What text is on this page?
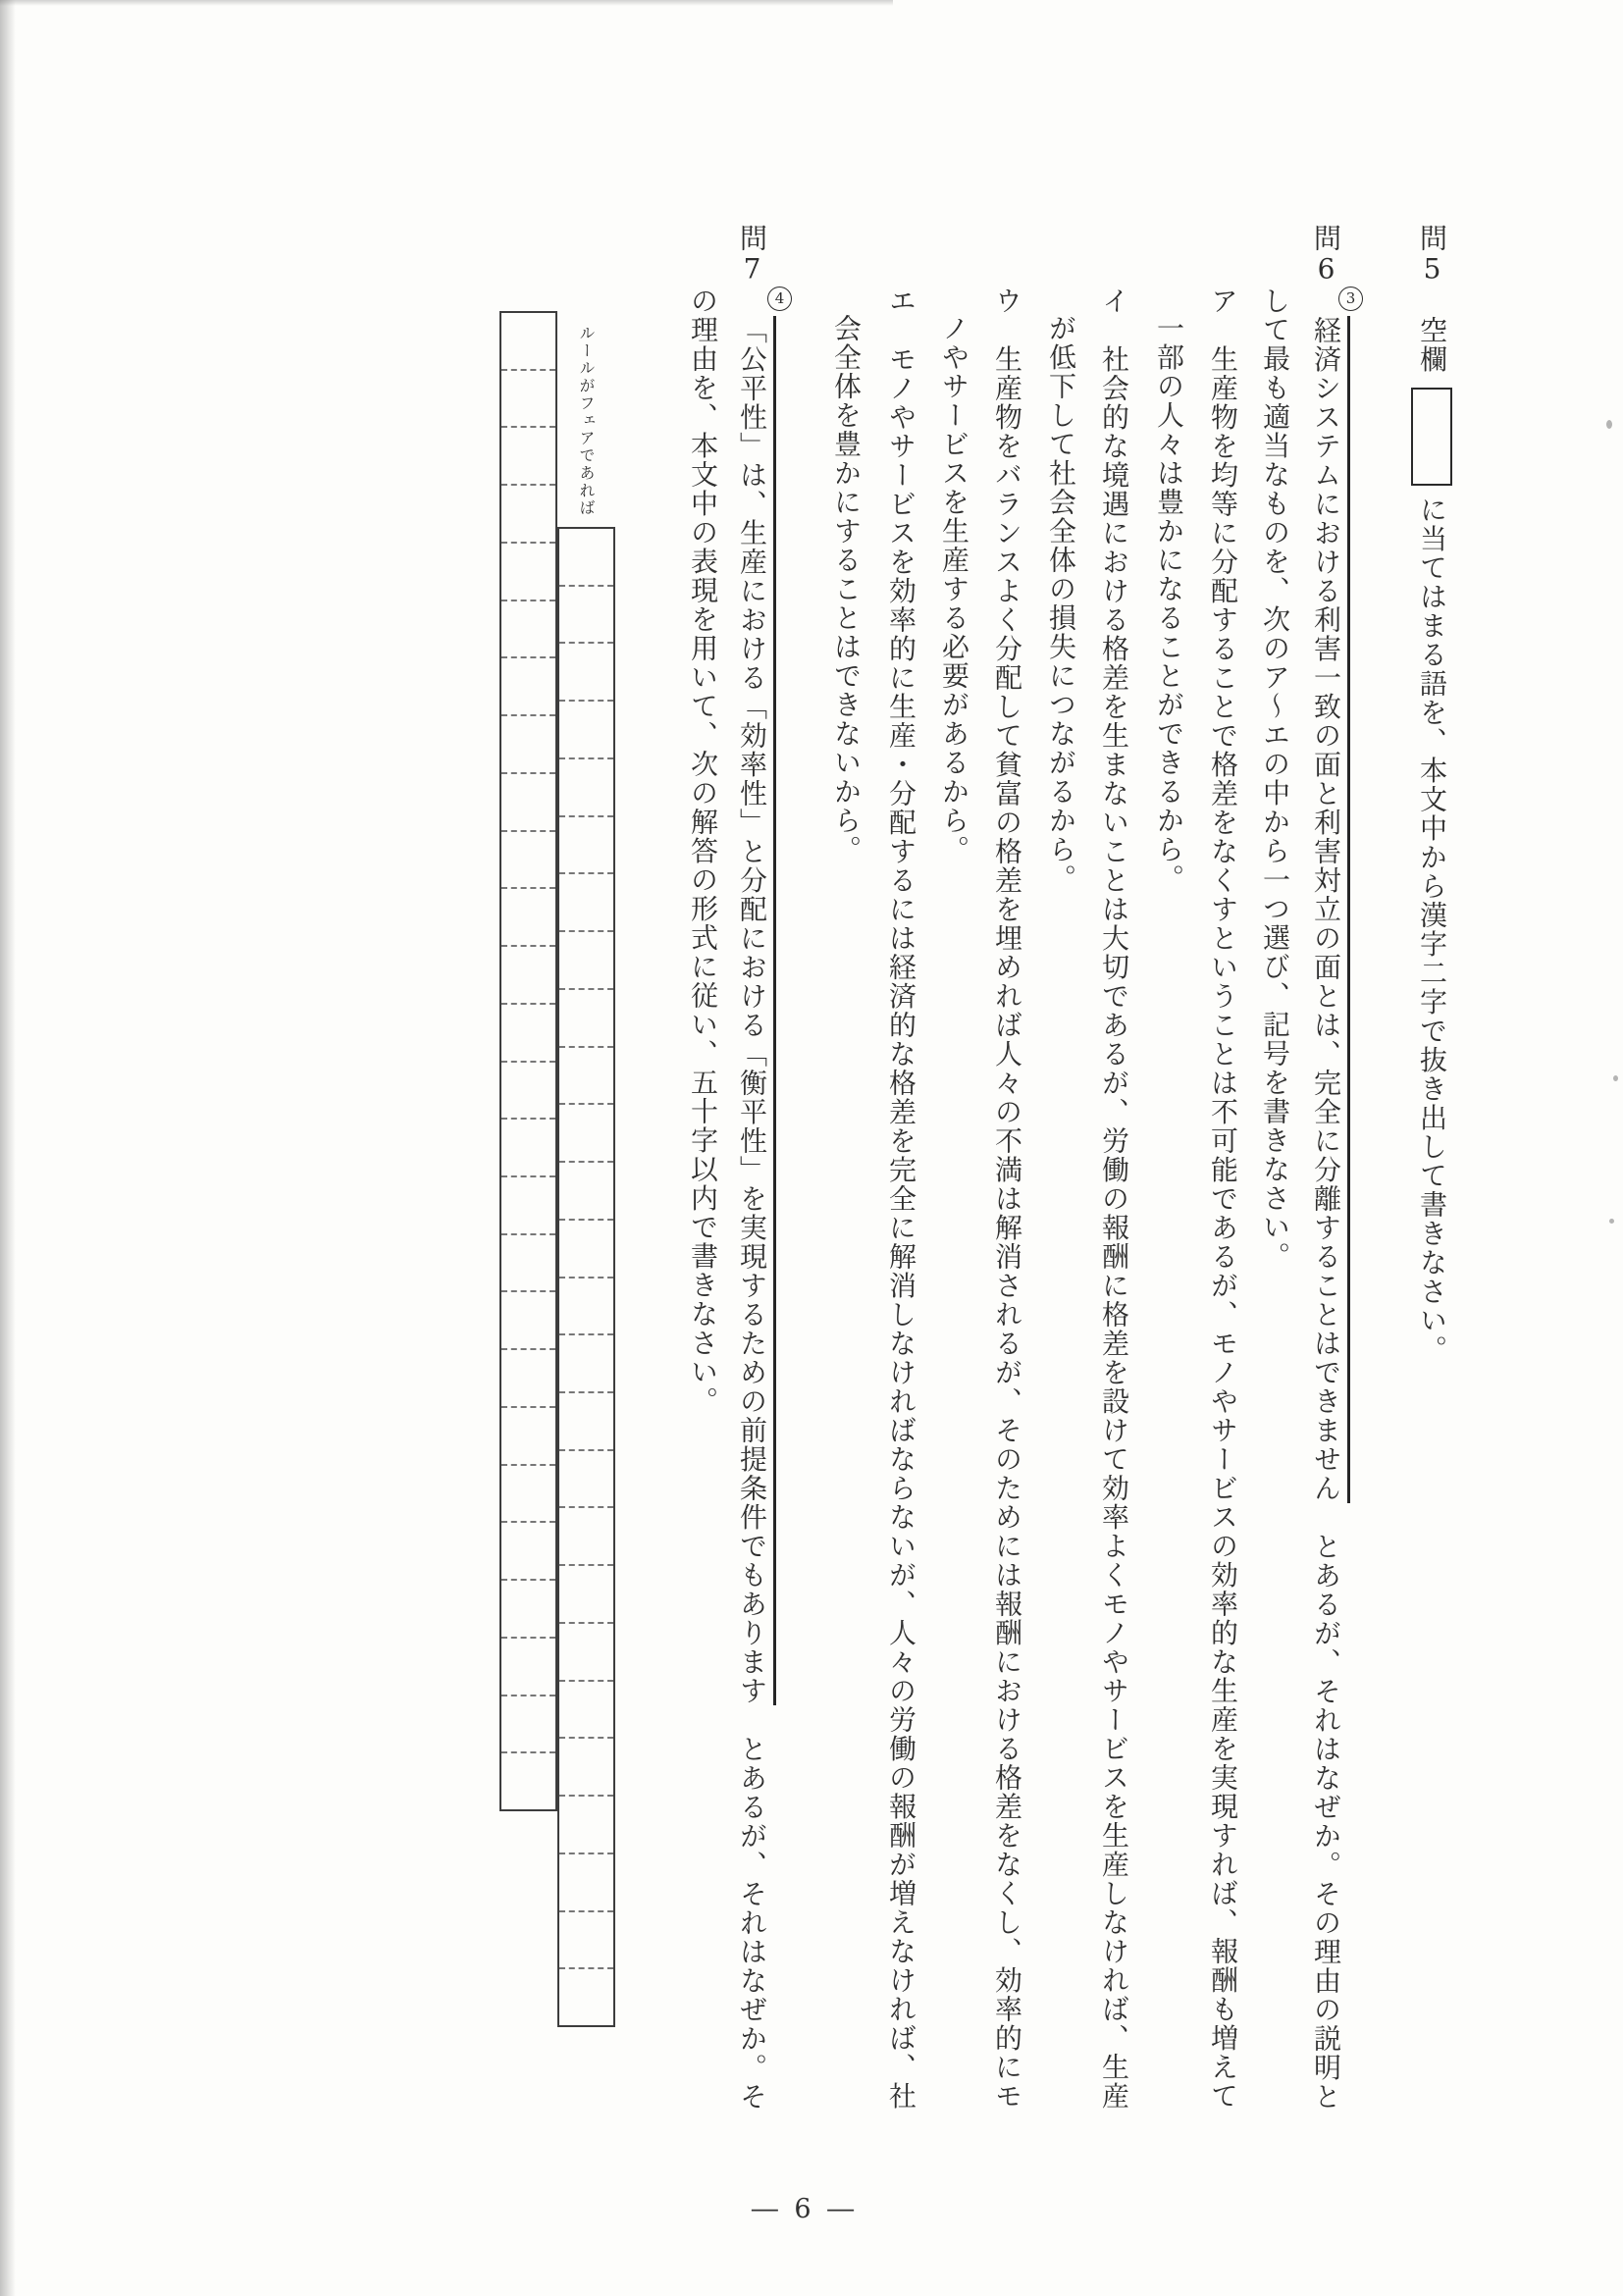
問5空欄に当てはまる語を、本文中から漢字二字で抜き出して書きなさい。
問6経済システムにおける利害一致の面と利害対立の面とは、完全に分離することはできませんとあるが、それはなぜか。その理由の説明と
3
して最も適当なものを、次のア～エの中から一つ選び、記号を書きなさい。
ア生産物を均等に分配することで格差をなくすということは不可能であるが、モノやサービスの効率的な生産を実現すれば、報酬も増えて
一部の人々は豊かになることができるから。
イ社会的な境遇における格差を生まないことは大切であるが、労働の報酬に格差を設けて効率よくモノやサービスを生産しなければ、生産
が低下して社会全体の損失につながるから。
ウ生産物をバランスよく分配して貧富の格差を埋めれば人々の不満は解消されるが、そのためには報酬における格差をなくし、効率的にモ
ノやサービスを生産する必要があるから。
エモノやサービスを効率的に生産・分配するには経済的な格差を完全に解消しなければならないが、人々の労働の報酬が増えなければ、社
会全体を豊かにすることはできないから。
問7「公平性」は、生産における「効率性」と分配における「衡平性」を実現するための前提条件でもありますとあるが、それはなぜか。そ
4
の理由を、本文中の表現を用いて、次の解答の形式に従い、五十字以内で書きなさい。
ルールがフェアであれば
― 6 ―
